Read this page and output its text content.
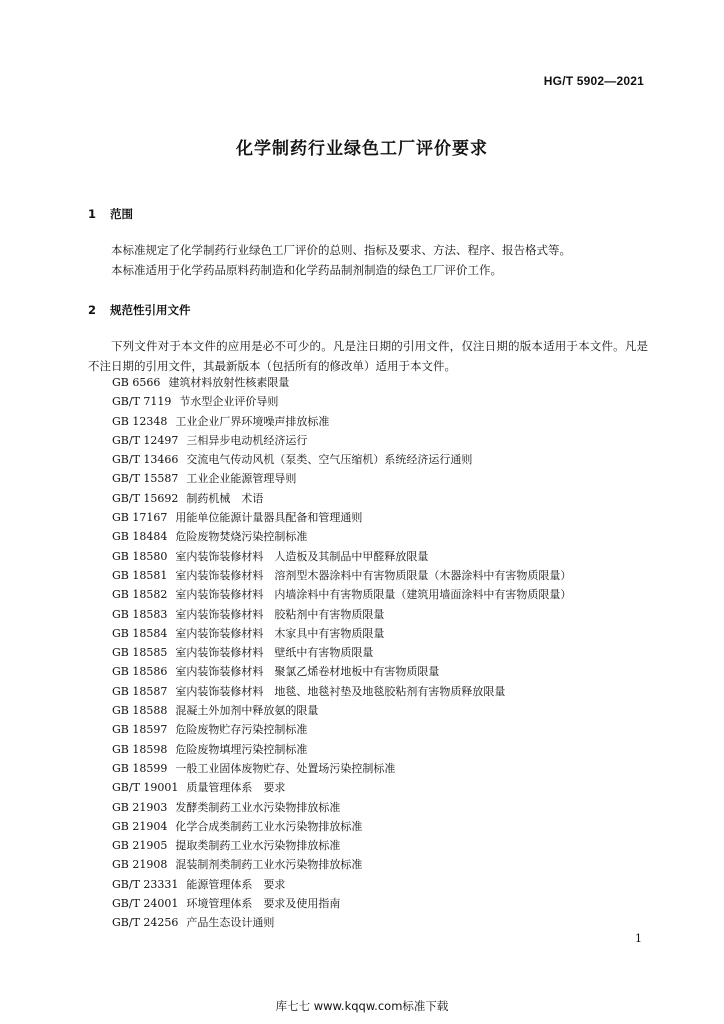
HG/T 5902—2021
化学制药行业绿色工厂评价要求
1 范围
本标准规定了化学制药行业绿色工厂评价的总则、指标及要求、方法、程序、报告格式等。
本标准适用于化学药品原料药制造和化学药品制剂制造的绿色工厂评价工作。
2 规范性引用文件
下列文件对于本文件的应用是必不可少的。凡是注日期的引用文件，仅注日期的版本适用于本文件。凡是不注日期的引用文件，其最新版本（包括所有的修改单）适用于本文件。
GB 6566 建筑材料放射性核素限量
GB/T 7119 节水型企业评价导则
GB 12348 工业企业厂界环境噪声排放标准
GB/T 12497 三相异步电动机经济运行
GB/T 13466 交流电气传动风机（泵类、空气压缩机）系统经济运行通则
GB/T 15587 工业企业能源管理导则
GB/T 15692 制药机械　术语
GB 17167 用能单位能源计量器具配备和管理通则
GB 18484 危险废物焚烧污染控制标准
GB 18580 室内装饰装修材料　人造板及其制品中甲醛释放限量
GB 18581 室内装饰装修材料　溶剂型木器涂料中有害物质限量（木器涂料中有害物质限量）
GB 18582 室内装饰装修材料　内墙涂料中有害物质限量（建筑用墙面涂料中有害物质限量）
GB 18583 室内装饰装修材料　胶粘剂中有害物质限量
GB 18584 室内装饰装修材料　木家具中有害物质限量
GB 18585 室内装饰装修材料　壁纸中有害物质限量
GB 18586 室内装饰装修材料　聚氯乙烯卷材地板中有害物质限量
GB 18587 室内装饰装修材料　地毯、地毯衬垫及地毯胶粘剂有害物质释放限量
GB 18588 混凝土外加剂中释放氨的限量
GB 18597 危险废物贮存污染控制标准
GB 18598 危险废物填埋污染控制标准
GB 18599 一般工业固体废物贮存、处置场污染控制标准
GB/T 19001 质量管理体系　要求
GB 21903 发酵类制药工业水污染物排放标准
GB 21904 化学合成类制药工业水污染物排放标准
GB 21905 提取类制药工业水污染物排放标准
GB 21908 混装制剂类制药工业水污染物排放标准
GB/T 23331 能源管理体系　要求
GB/T 24001 环境管理体系　要求及使用指南
GB/T 24256 产品生态设计通则
1
库七七 www.kqqw.com标准下载
